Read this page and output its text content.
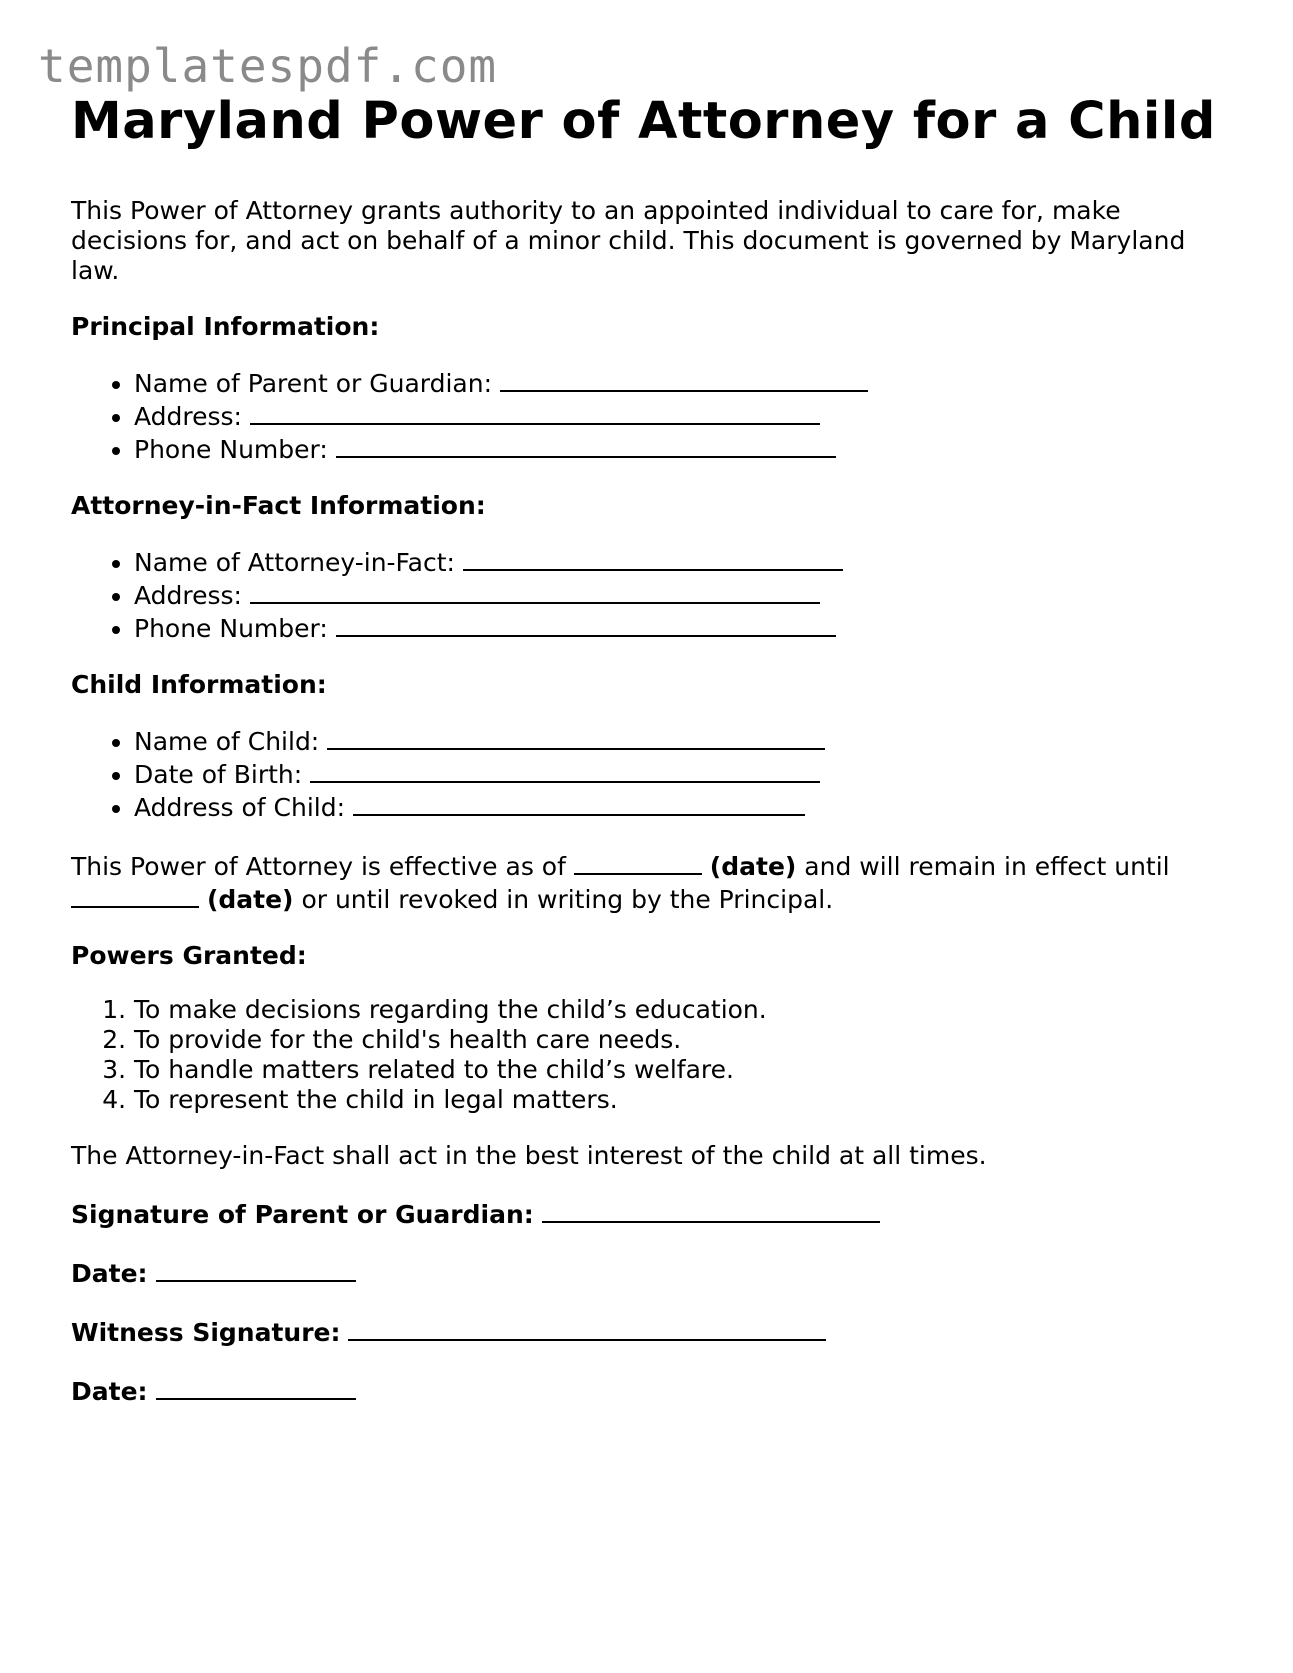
templatespdf.com
Maryland Power of Attorney for a Child

This Power of Attorney grants authority to an appointed individual to care for, make decisions for, and act on behalf of a minor child. This document is governed by Maryland law.

Principal Information:

• Name of Parent or Guardian:
• Address:
• Phone Number:

Attorney-in-Fact Information:

• Name of Attorney-in-Fact:
• Address:
• Phone Number:

Child Information:

• Name of Child:
• Date of Birth:
• Address of Child:

This Power of Attorney is effective as of	(date) and will remain in effect until
(date) or until revoked in writing by the Principal.

Powers Granted:

1. To make decisions regarding the child’s education.
2. To provide for the child's health care needs.
3. To handle matters related to the child’s welfare.
4. To represent the child in legal matters.

The Attorney-in-Fact shall act in the best interest of the child at all times.

Signature of Parent or Guardian:

Date:

Witness Signature:

Date:
